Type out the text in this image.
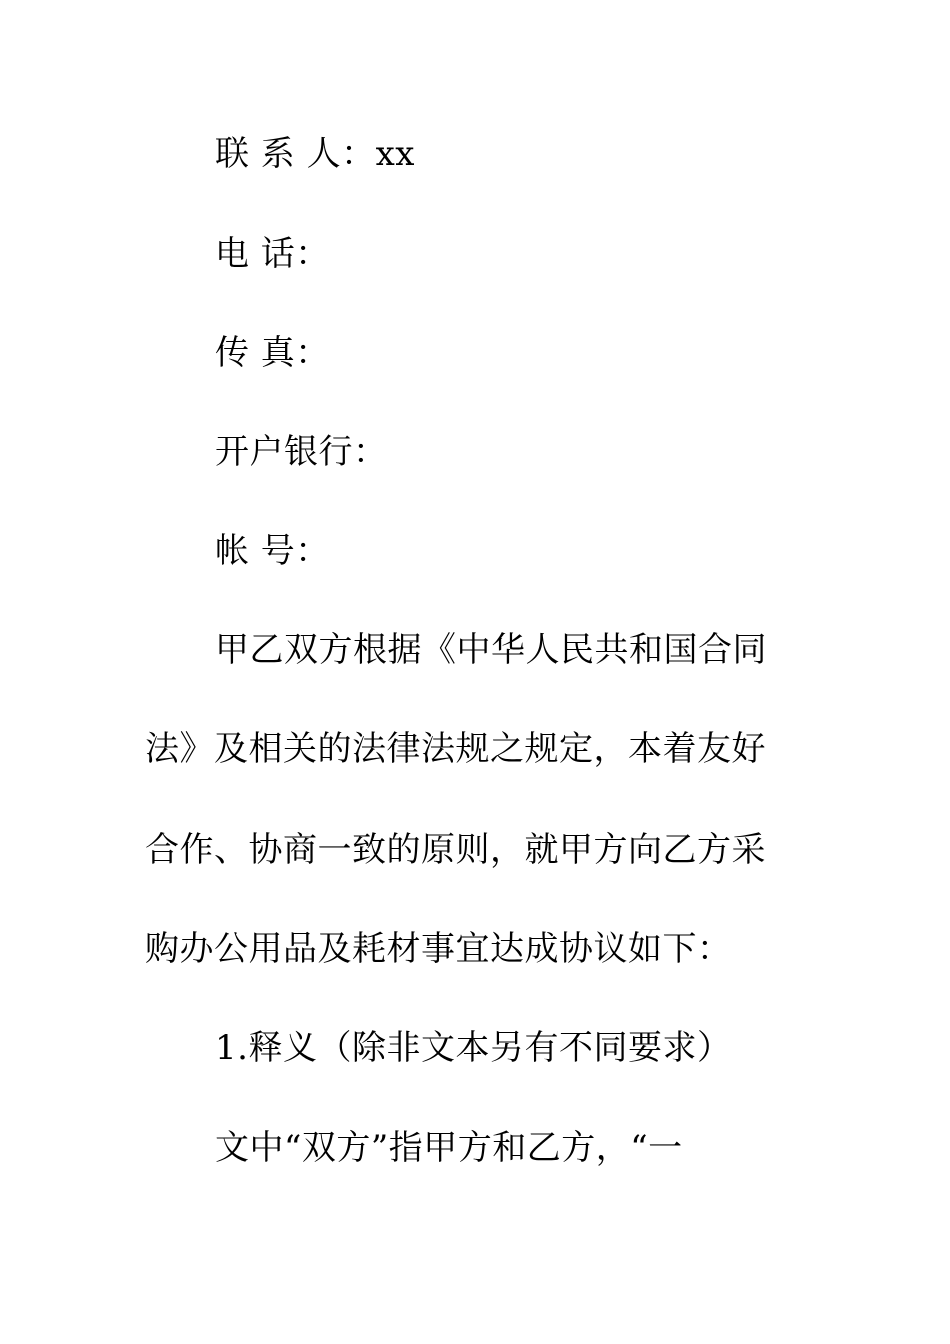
联 系 人：xx
电 话：
传 真：
开户银行：
帐 号：
甲乙双方根据《中华人民共和国合同
法》及相关的法律法规之规定，本着友好
合作、协商一致的原则，就甲方向乙方采
购办公用品及耗材事宜达成协议如下：
1.释义（除非文本另有不同要求）
文中“双方”指甲方和乙方，“一
